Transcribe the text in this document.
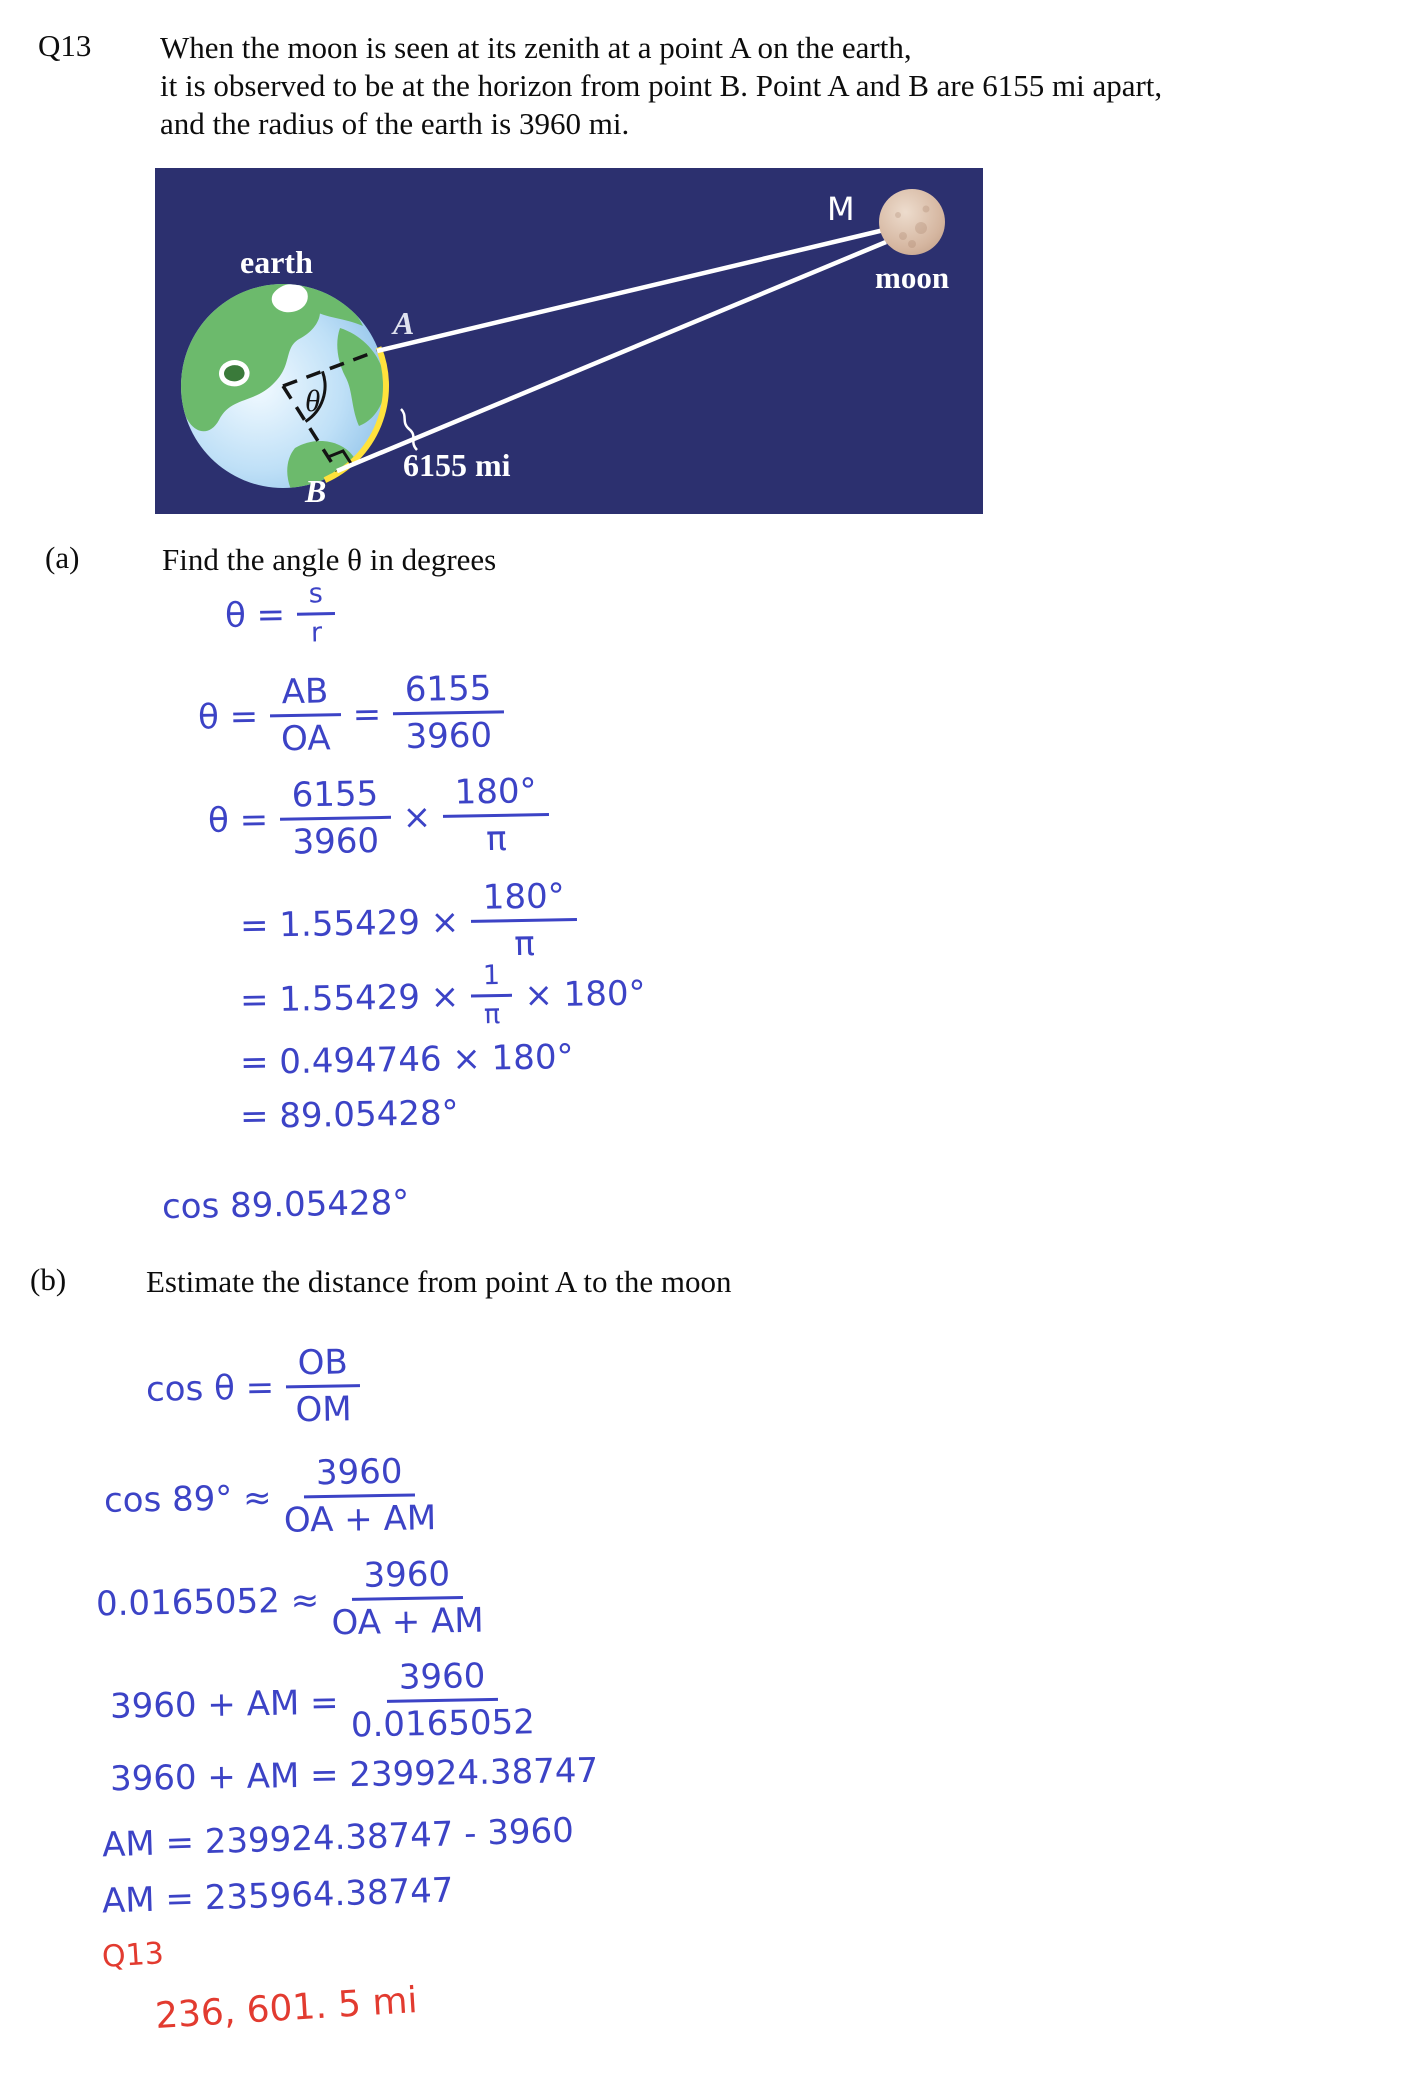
Q13 When the moon is seen at its zenith at a point A on the earth,
it is observed to be at the horizon from point B. Point A and B are 6155 mi apart,
and the radius of the earth is 3960 mi.
earth
A
B
M
moon
θ
6155 mi
(a)	Find the angle θ in degrees
$\theta = \frac{s}{r}$
$\theta = \frac{AB}{OA} = \frac{6155}{3960}$
$\theta = \frac{6155}{3960} \times \frac{180^\circ}{\pi}$
= $1.55429 \times \frac{180^\circ}{\pi}$
= $1.55429 \times \frac{1}{\pi} \times 180^\circ$
= 0.494746 × 180°
= 89.05428°
cos 89.05428°
(b)	Estimate the distance from point A to the moon
$\cos \theta = \frac{OB}{OM}$
$\cos 89^\circ \approx \frac{3960}{OA + AM}$
$0.0165052 \approx \frac{3960}{OA + AM}$
3960 + AM = $\frac{3960}{0.0165052}$
3960 + AM = 239924.38747
AM = 239924.38747 - 3960
AM = 235964.38747
Q13
236, 601. 5 mi
